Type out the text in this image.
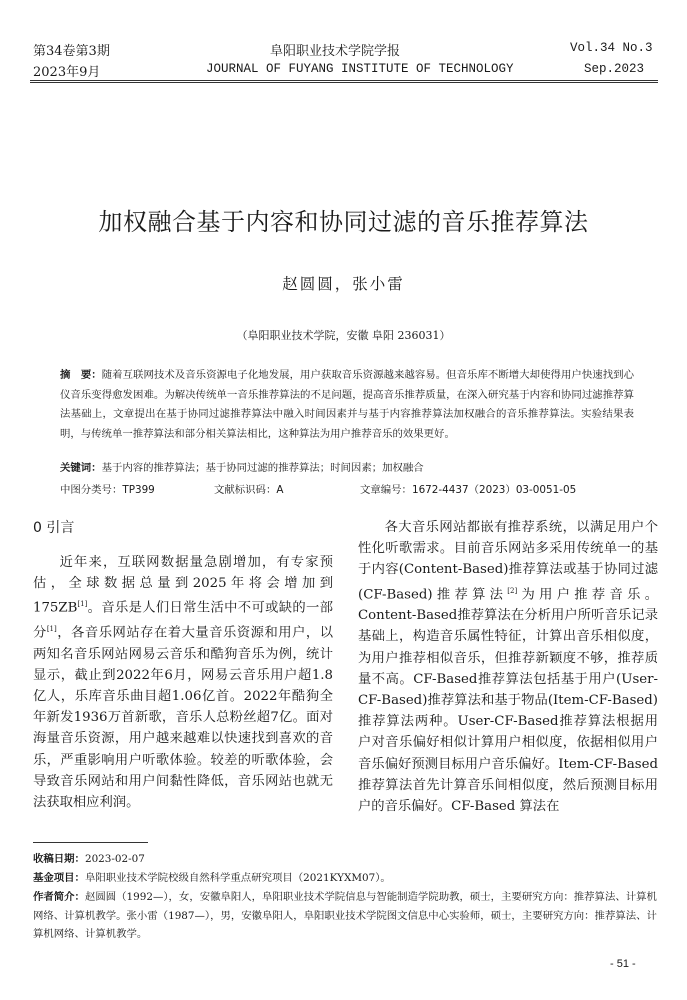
第34卷第3期
2023年9月
阜阳职业技术学院学报
JOURNAL OF FUYANG INSTITUTE OF TECHNOLOGY
Vol.34 No.3
Sep.2023
加权融合基于内容和协同过滤的音乐推荐算法
赵圆圆，张小雷
（阜阳职业技术学院，安徽 阜阳 236031）
摘　要：随着互联网技术及音乐资源电子化地发展，用户获取音乐资源越来越容易。但音乐库不断增大却使得用户快速找到心仪音乐变得愈发困难。为解决传统单一音乐推荐算法的不足问题，提高音乐推荐质量，在深入研究基于内容和协同过滤推荐算法基础上，文章提出在基于协同过滤推荐算法中融入时间因素并与基于内容推荐算法加权融合的音乐推荐算法。实验结果表明，与传统单一推荐算法和部分相关算法相比，这种算法为用户推荐音乐的效果更好。
关键词：基于内容的推荐算法；基于协同过滤的推荐算法；时间因素；加权融合
中图分类号：TP399	文献标识码：A	文章编号：1672-4437（2023）03-0051-05
0 引言

近年来，互联网数据量急剧增加，有专家预估，全球数据总量到2025年将会增加到175ZB[1]。音乐是人们日常生活中不可或缺的一部分[1]，各音乐网站存在着大量音乐资源和用户，以两知名音乐网站网易云音乐和酷狗音乐为例，统计显示，截止到2022年6月，网易云音乐用户超1.8亿人，乐库音乐曲目超1.06亿首。2022年酷狗全年新发1936万首新歌，音乐人总粉丝超7亿。面对海量音乐资源，用户越来越难以快速找到喜欢的音乐，严重影响用户听歌体验。较差的听歌体验，会导致音乐网站和用户间黏性降低，音乐网站也就无法获取相应利润。

各大音乐网站都嵌有推荐系统，以满足用户个性化听歌需求。目前音乐网站多采用传统单一的基于内容(Content-Based)推荐算法或基于协同过滤(CF-Based)推荐算法[2]为用户推荐音乐。Content-Based推荐算法在分析用户所听音乐记录基础上，构造音乐属性特征，计算出音乐相似度，为用户推荐相似音乐，但推荐新颖度不够，推荐质量不高。CF-Based推荐算法包括基于用户(User-CF-Based)推荐算法和基于物品(Item-CF-Based)推荐算法两种。User-CF-Based推荐算法根据用户对音乐偏好相似计算用户相似度，依据相似用户音乐偏好预测目标用户音乐偏好。Item-CF-Based推荐算法首先计算音乐间相似度，然后预测目标用户的音乐偏好。CF-Based 算法在

收稿日期：2023-02-07
基金项目：阜阳职业技术学院校级自然科学重点研究项目（2021KYXM07）。
作者简介：赵圆圆（1992—），女，安徽阜阳人，阜阳职业技术学院信息与智能制造学院助教，硕士，主要研究方向：推荐算法、计算机网络、计算机教学。张小雷（1987—），男，安徽阜阳人，阜阳职业技术学院图文信息中心实验师，硕士，主要研究方向：推荐算法、计算机网络、计算机教学。
- 51 -
